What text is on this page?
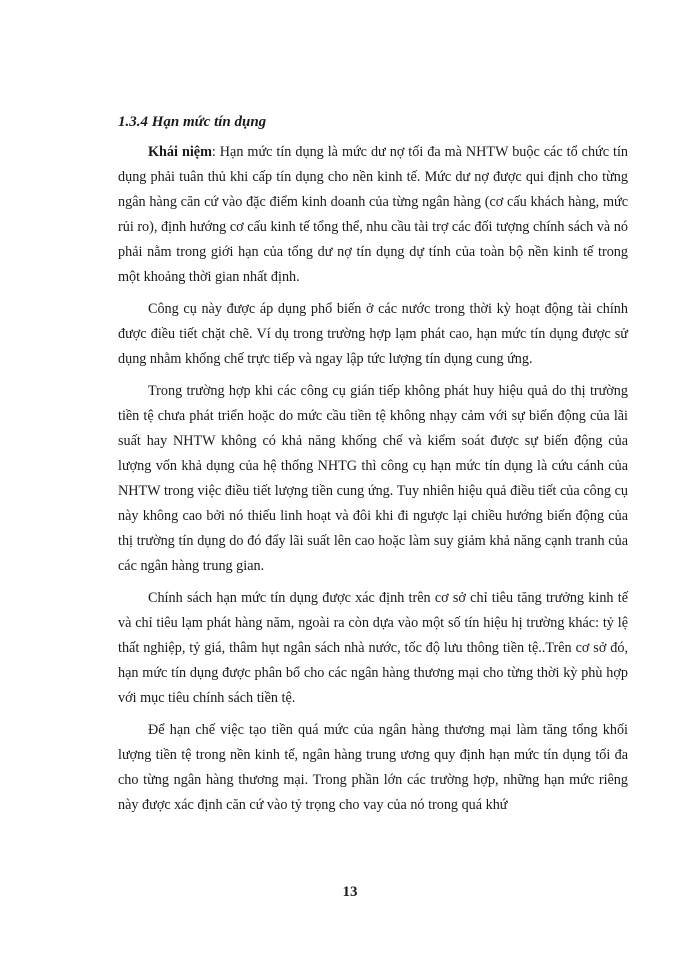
1.3.4 Hạn mức tín dụng

Khái niệm: Hạn mức tín dụng là mức dư nợ tối đa mà NHTW buộc các tổ chức tín dụng phải tuân thủ khi cấp tín dụng cho nền kinh tế. Mức dư nợ được qui định cho từng ngân hàng căn cứ vào đặc điểm kinh doanh của từng ngân hàng (cơ cấu khách hàng, mức rủi ro), định hướng cơ cấu kinh tế tổng thể, nhu cầu tài trợ các đối tượng chính sách và nó phải nằm trong giới hạn của tổng dư nợ tín dụng dự tính của toàn bộ nền kinh tế trong một khoảng thời gian nhất định.

Công cụ này được áp dụng phổ biến ở các nước trong thời kỳ hoạt động tài chính được điều tiết chặt chẽ. Ví dụ trong trường hợp lạm phát cao, hạn mức tín dụng được sử dụng nhằm khống chế trực tiếp và ngay lập tức lượng tín dụng cung ứng.

Trong trường hợp khi các công cụ gián tiếp không phát huy hiệu quả do thị trường tiền tệ chưa phát triển hoặc do mức cầu tiền tệ không nhạy cảm với sự biến động của lãi suất hay NHTW không có khả năng khống chế và kiểm soát được sự biến động của lượng vốn khả dụng của hệ thống NHTG thì công cụ hạn mức tín dụng là cứu cánh của NHTW trong việc điều tiết lượng tiền cung ứng. Tuy nhiên hiệu quả điều tiết của công cụ này không cao bởi nó thiếu linh hoạt và đôi khi đi ngược lại chiều hướng biến động của thị trường tín dụng do đó đẩy lãi suất lên cao hoặc làm suy giảm khả năng cạnh tranh của các ngân hàng trung gian.

Chính sách hạn mức tín dụng được xác định trên cơ sở chỉ tiêu tăng trưởng kinh tế và chỉ tiêu lạm phát hàng năm, ngoài ra còn dựa vào một số tín hiệu hị trường khác: tỷ lệ thất nghiệp, tỷ giá, thâm hụt ngân sách nhà nước, tốc độ lưu thông tiền tệ..Trên cơ sở đó, hạn mức tín dụng được phân bổ cho các ngân hàng thương mại cho từng thời kỳ phù hợp với mục tiêu chính sách tiền tệ.

Để hạn chế việc tạo tiền quá mức của ngân hàng thương mại làm tăng tổng khối lượng tiền tệ trong nền kinh tế, ngân hàng trung ương quy định hạn mức tín dụng tối đa cho từng ngân hàng thương mại. Trong phần lớn các trường hợp, những hạn mức riêng này được xác định căn cứ vào tỷ trọng cho vay của nó trong quá khứ

13
